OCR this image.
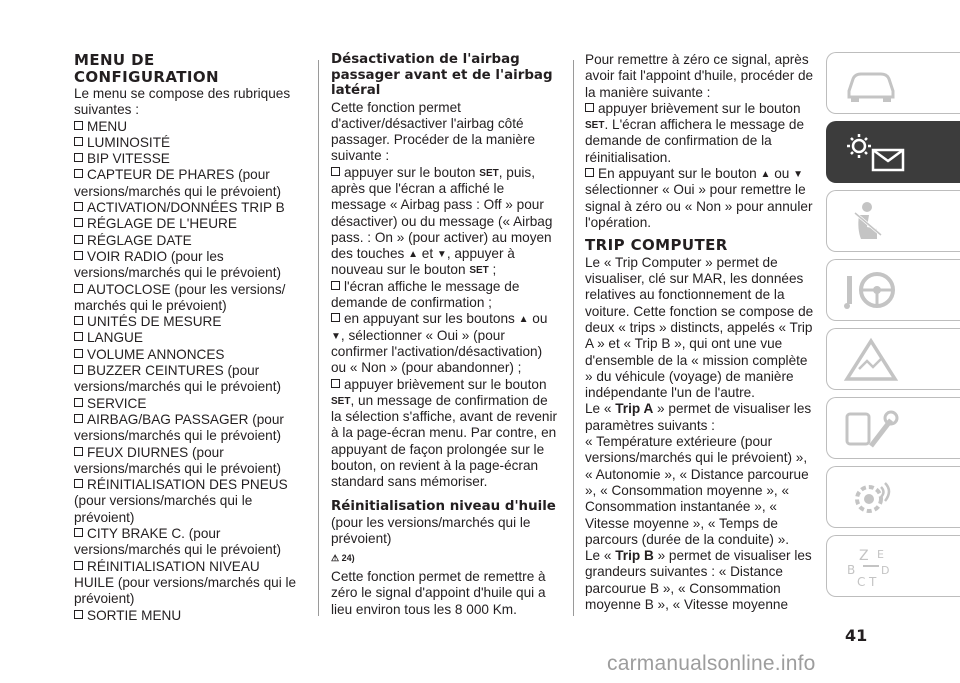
MENU DE CONFIGURATION

Le menu se compose des rubriques suivantes :

MENU

LUMINOSITÉ

BIP VITESSE

CAPTEUR DE PHARES (pour versions/marchés qui le prévoient)

ACTIVATION/DONNÉES TRIP B

RÉGLAGE DE L'HEURE

RÉGLAGE DATE

VOIR RADIO (pour les versions/marchés qui le prévoient)

AUTOCLOSE (pour les versions/ marchés qui le prévoient)

UNITÉS DE MESURE

LANGUE

VOLUME ANNONCES

BUZZER CEINTURES (pour versions/marchés qui le prévoient)

SERVICE

AIRBAG/BAG PASSAGER (pour versions/marchés qui le prévoient)

FEUX DIURNES (pour versions/marchés qui le prévoient)

RÉINITIALISATION DES PNEUS (pour versions/marchés qui le prévoient)

CITY BRAKE C. (pour versions/marchés qui le prévoient)

RÉINITIALISATION NIVEAU HUILE (pour versions/marchés qui le prévoient)

SORTIE MENU

Désactivation de l'airbag passager avant et de l'airbag latéral

Cette fonction permet d'activer/désactiver l'airbag côté passager. Procéder de la manière suivante :

appuyer sur le bouton SET, puis, après que l'écran a affiché le message « Airbag pass : Off » pour désactiver) ou du message (« Airbag pass. : On » (pour activer) au moyen des touches ▲ et ▼, appuyer à nouveau sur le bouton SET ;

l'écran affiche le message de demande de confirmation ;

en appuyant sur les boutons ▲ ou ▼, sélectionner « Oui » (pour confirmer l'activation/désactivation) ou « Non » (pour abandonner) ;

appuyer brièvement sur le bouton SET, un message de confirmation de la sélection s'affiche, avant de revenir à la page-écran menu. Par contre, en appuyant de façon prolongée sur le bouton, on revient à la page-écran standard sans mémoriser.

Réinitialisation niveau d'huile

(pour les versions/marchés qui le prévoient)

⚠ 24)

Cette fonction permet de remettre à zéro le signal d'appoint d'huile qui a lieu environ tous les 8 000 Km.

Pour remettre à zéro ce signal, après avoir fait l'appoint d'huile, procéder de la manière suivante :

appuyer brièvement sur le bouton SET. L'écran affichera le message de demande de confirmation de la réinitialisation.

En appuyant sur le bouton ▲ ou ▼ sélectionner « Oui » pour remettre le signal à zéro ou « Non » pour annuler l'opération.

TRIP COMPUTER

Le « Trip Computer » permet de visualiser, clé sur MAR, les données relatives au fonctionnement de la voiture. Cette fonction se compose de deux « trips » distincts, appelés « Trip A » et « Trip B », qui ont une vue d'ensemble de la « mission complète » du véhicule (voyage) de manière indépendante l'un de l'autre.

Le « Trip A » permet de visualiser les paramètres suivants :

« Température extérieure (pour versions/marchés qui le prévoient) », « Autonomie », « Distance parcourue », « Consommation moyenne », « Consommation instantanée », « Vitesse moyenne », « Temps de parcours (durée de la conduite) ».

Le « Trip B » permet de visualiser les grandeurs suivantes : « Distance parcourue B », « Consommation moyenne B », « Vitesse moyenne

Z E
B D
C T
41
carmanualsonline.info
